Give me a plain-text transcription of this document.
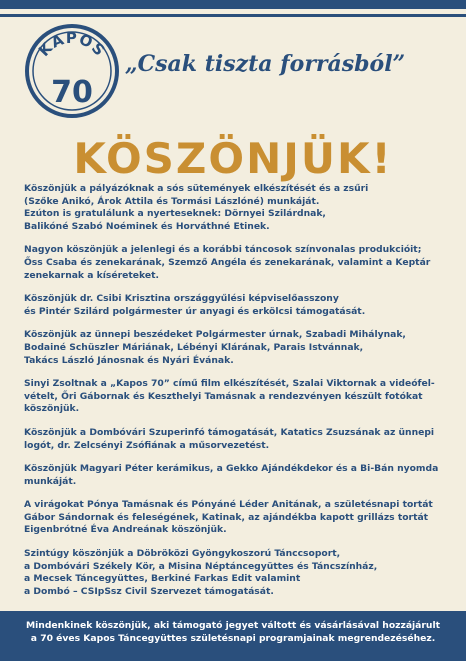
KAPOS
70
„Csak tiszta forrásból”
KÖSZÖNJÜK!
Köszönjük a pályázóknak a sós sütemények elkészítését és a zsűri
(Szőke Anikó, Árok Attila és Tormási Lászlóné) munkáját.
Ezúton is gratulálunk a nyerteseknek: Dörnyei Szilárdnak,
Balikóné Szabó Noéminek és Horváthné Etinek.
Nagyon köszönjük a jelenlegi és a korábbi táncosok színvonalas produkcióit;
Őss Csaba és zenekarának, Szemző Angéla és zenekarának, valamint a Keptár
zenekarnak a kíséreteket.
Köszönjük dr. Csibi Krisztina országgyűlési képviselőasszony
és Pintér Szilárd polgármester úr anyagi és erkölcsi támogatását.
Köszönjük az ünnepi beszédeket Polgármester úrnak, Szabadi Mihálynak,
Bodainé Schüszler Máriának, Lébényi Klárának, Parais Istvánnak,
Takács László Jánosnak és Nyári Évának.
Sinyi Zsoltnak a „Kapos 70” című film elkészítését, Szalai Viktornak a videófel-
vételt, Őri Gábornak és Keszthelyi Tamásnak a rendezvényen készült fotókat
köszönjük.
Köszönjük a Dombóvári Szuperinfó támogatását, Katatics Zsuzsának az ünnepi
logót, dr. Zelcsényi Zsófiának a műsorvezetést.
Köszönjük Magyari Péter kerámikus, a Gekko Ajándékdekor és a Bi-Bán nyomda
munkáját.
A virágokat Pónya Tamásnak és Pónyáné Léder Anitának, a születésnapi tortát
Gábor Sándornak és feleségének, Katinak, az ajándékba kapott grillázs tortát
Eigenbrótné Éva Andreának köszönjük.
Szintúgy köszönjük a Döbröközi Gyöngykoszorú Tánccsoport,
a Dombóvári Székely Kör, a Misina Néptáncegyüttes és Táncszínház,
a Mecsek Táncegyüttes, Berkiné Farkas Edit valamint
a Dombó – CSIpSsz Civil Szervezet támogatását.
Mindenkinek köszönjük, aki támogató jegyet váltott és vásárlásával hozzájárult
a 70 éves Kapos Táncegyüttes születésnapi programjainak megrendezéséhez.
